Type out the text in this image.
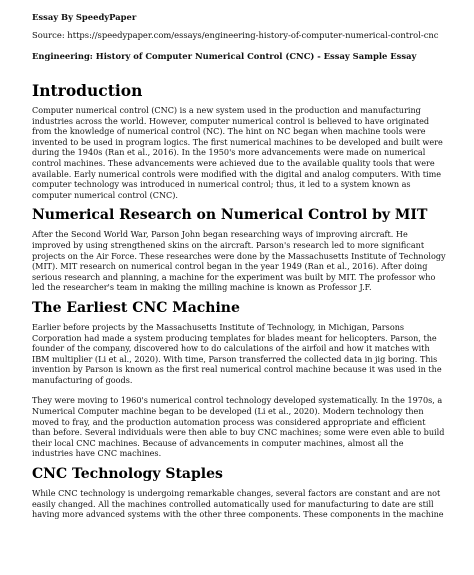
Essay By SpeedyPaper
Source: https://speedypaper.com/essays/engineering-history-of-computer-numerical-control-cnc
Engineering: History of Computer Numerical Control (CNC) - Essay Sample Essay
Introduction

Computer numerical control (CNC) is a new system used in the production and manufacturing industries across the world. However, computer numerical control is believed to have originated from the knowledge of numerical control (NC). The hint on NC began when machine tools were invented to be used in program logics. The first numerical machines to be developed and built were during the 1940s (Ran et al., 2016). In the 1950's more advancements were made on numerical control machines. These advancements were achieved due to the available quality tools that were available. Early numerical controls were modified with the digital and analog computers. With time computer technology was introduced in numerical control; thus, it led to a system known as computer numerical control (CNC).

Numerical Research on Numerical Control by MIT

After the Second World War, Parson John began researching ways of improving aircraft. He improved by using strengthened skins on the aircraft. Parson's research led to more significant projects on the Air Force. These researches were done by the Massachusetts Institute of Technology (MIT). MIT research on numerical control began in the year 1949 (Ran et al., 2016). After doing serious research and planning, a machine for the experiment was built by MIT. The professor who led the researcher's team in making the milling machine is known as Professor J.F.

The Earliest CNC Machine

Earlier before projects by the Massachusetts Institute of Technology, in Michigan, Parsons Corporation had made a system producing templates for blades meant for helicopters. Parson, the founder of the company, discovered how to do calculations of the airfoil and how it matches with IBM multiplier (Li et al., 2020). With time, Parson transferred the collected data in jig boring. This invention by Parson is known as the first real numerical control machine because it was used in the manufacturing of goods.

They were moving to 1960's numerical control technology developed systematically. In the 1970s, a Numerical Computer machine began to be developed (Li et al., 2020). Modern technology then moved to fray, and the production automation process was considered appropriate and efficient than before. Several individuals were then able to buy CNC machines; some were even able to build their local CNC machines. Because of advancements in computer machines, almost all the industries have CNC machines.

CNC Technology Staples

While CNC technology is undergoing remarkable changes, several factors are constant and are not easily changed. All the machines controlled automatically used for manufacturing to date are still having more advanced systems with the other three components. These components in the machine
